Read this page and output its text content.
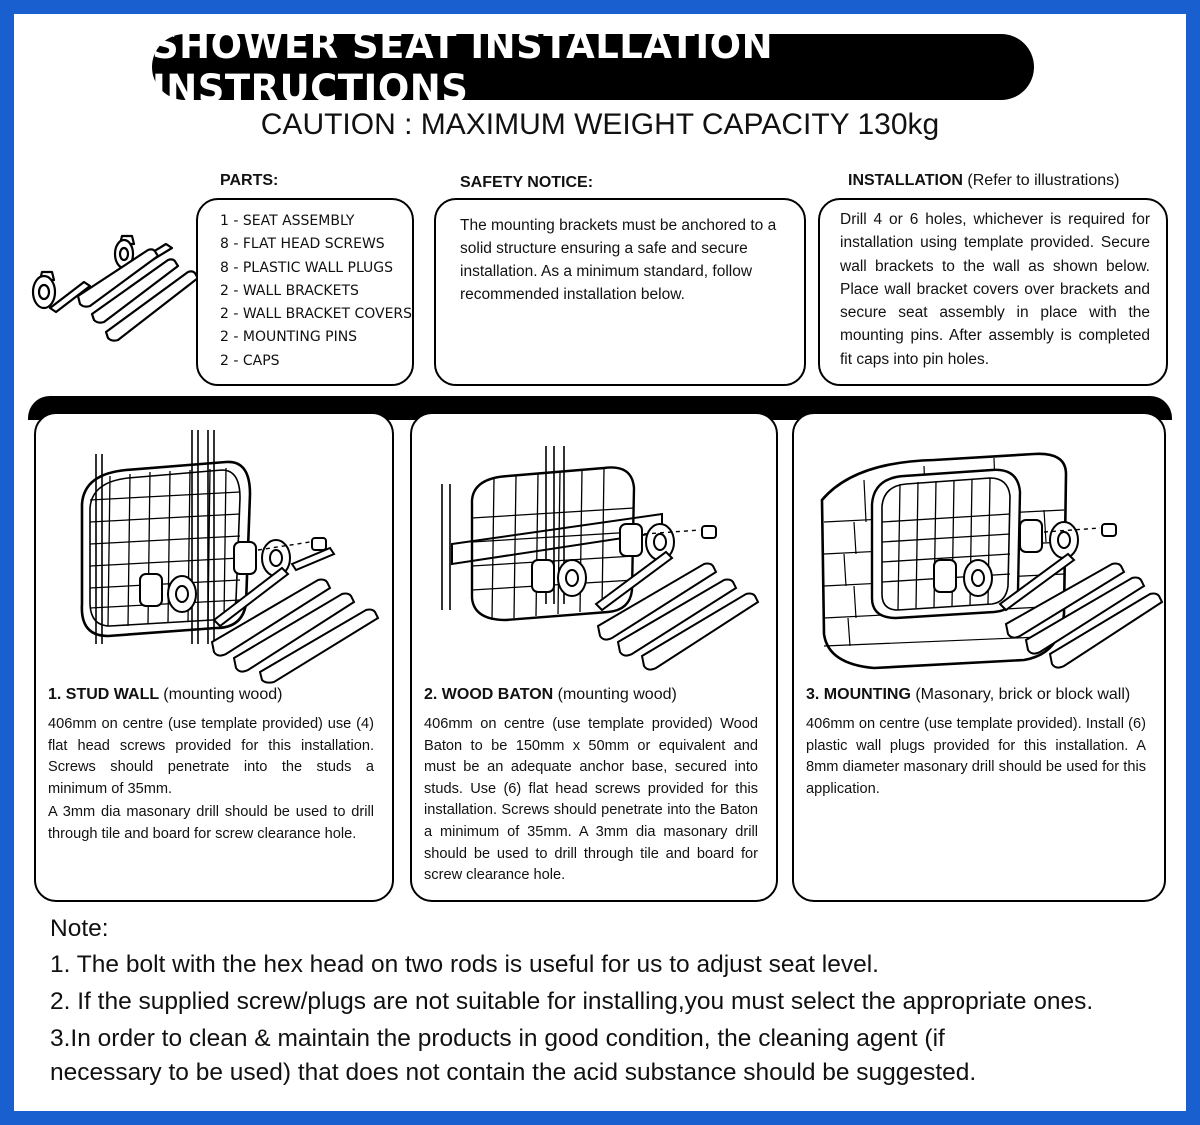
SHOWER SEAT INSTALLATION INSTRUCTIONS
CAUTION : MAXIMUM WEIGHT CAPACITY 130kg
PARTS:	SAFETY NOTICE:	INSTALLATION (Refer to illustrations)
1 - SEAT ASSEMBLY
8 - FLAT HEAD SCREWS
8 - PLASTIC WALL PLUGS
2 - WALL BRACKETS
2 - WALL BRACKET COVERS
2 - MOUNTING PINS
2 - CAPS

The mounting brackets must be anchored to a solid structure ensuring a safe and secure installation. As a minimum standard, follow recommended installation below.

Drill 4 or 6 holes, whichever is required for installation using template provided. Secure wall brackets to the wall as shown below. Place wall bracket covers over brackets and secure seat assembly in place with the mounting pins. After assembly is completed fit caps into pin holes.

1. STUD WALL (mounting wood)

406mm on centre (use template provided) use (4) flat head screws provided for this installation. Screws should penetrate into the studs a minimum of 35mm.

A 3mm dia masonary drill should be used to drill through tile and board for screw clearance hole.

2. WOOD BATON (mounting wood)

406mm on centre (use template provided) Wood Baton to be 150mm x 50mm or equivalent and must be an adequate anchor base, secured into studs. Use (6) flat head screws provided for this installation. Screws should penetrate into the Baton a minimum of 35mm. A 3mm dia masonary drill should be used to drill through tile and board for screw clearance hole.

3. MOUNTING (Masonary, brick or block wall)

406mm on centre (use template provided). Install (6) plastic wall plugs provided for this installation. A 8mm diameter masonary drill should be used for this application.

Note:
1. The bolt with the hex head on two rods is useful for us to adjust seat level.
2. If the supplied screw/plugs are not suitable for installing,you must select the appropriate ones.
3.In order to clean & maintain the products in good condition, the cleaning agent (if necessary to be used) that does not contain the acid substance should be suggested.
